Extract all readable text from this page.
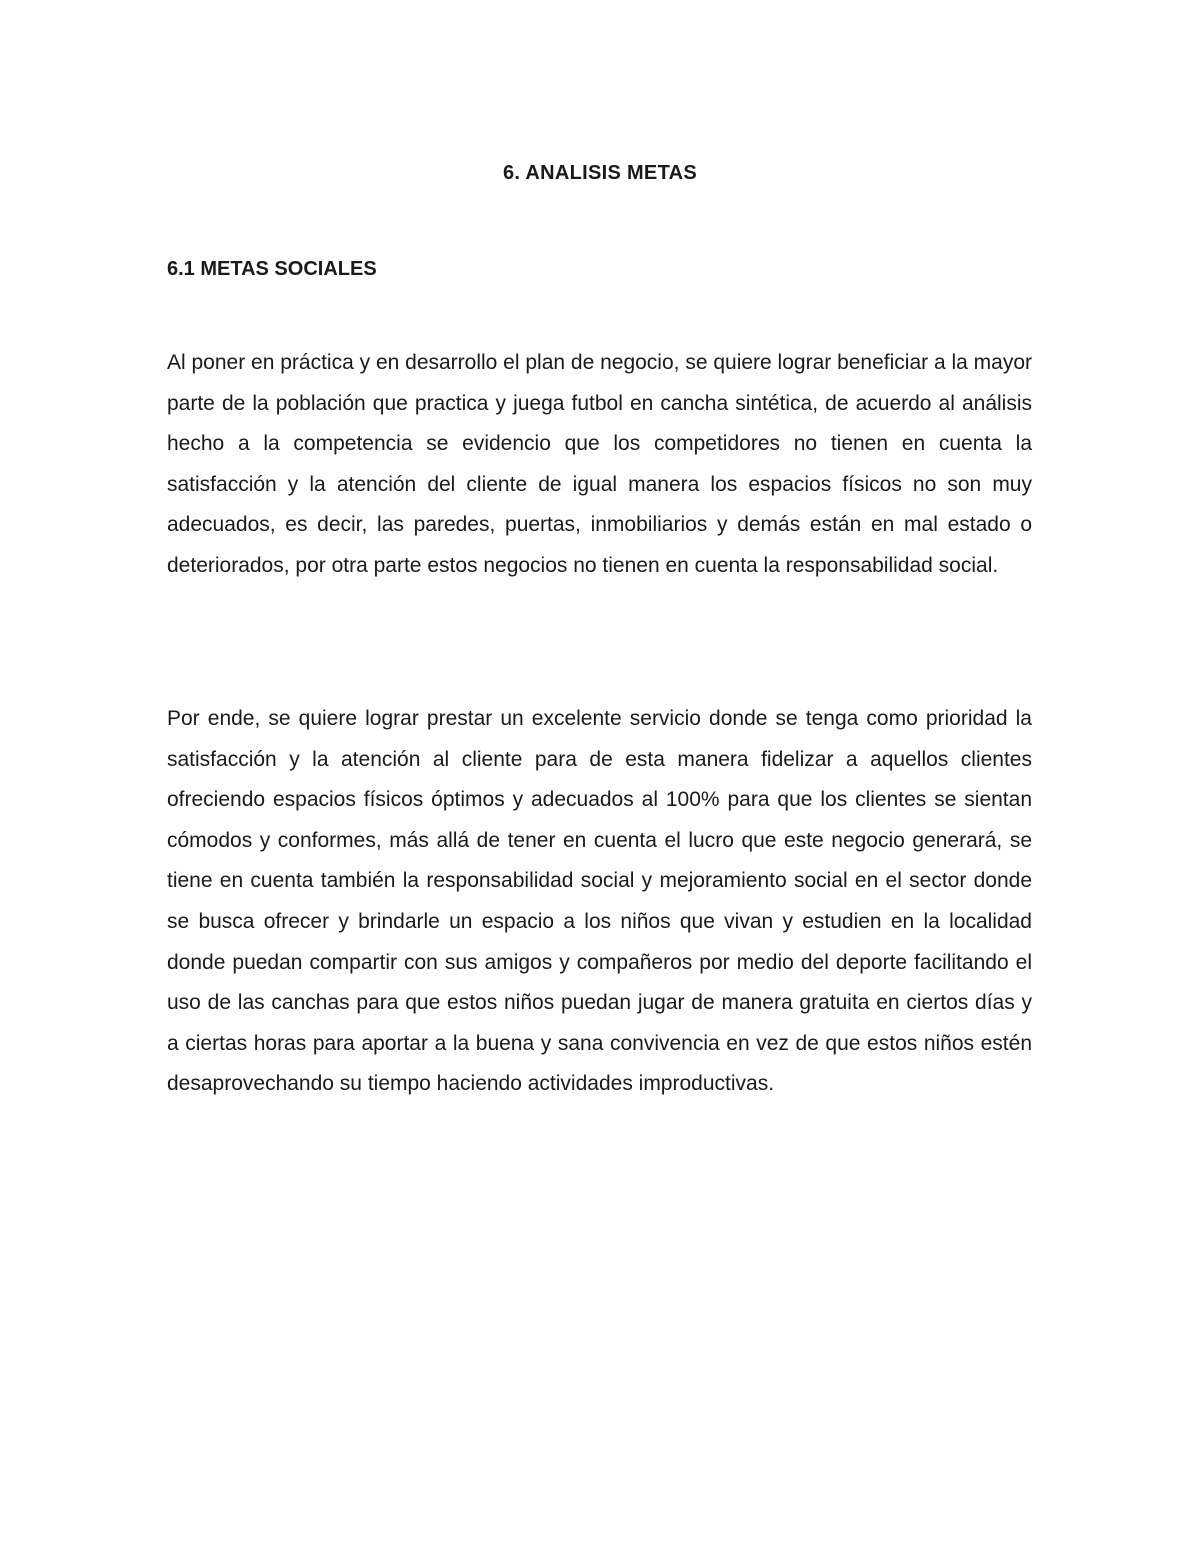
6. ANALISIS METAS
6.1 METAS SOCIALES

Al poner en práctica y en desarrollo el plan de negocio, se quiere lograr beneficiar a la mayor parte de la población que practica y juega futbol en cancha sintética, de acuerdo al análisis hecho a la competencia se evidencio que los competidores no tienen en cuenta la satisfacción y la atención del cliente de igual manera los espacios físicos no son muy adecuados, es decir, las paredes, puertas, inmobiliarios y demás están en mal estado o deteriorados, por otra parte estos negocios no tienen en cuenta la responsabilidad social.

Por ende, se quiere lograr prestar un excelente servicio donde se tenga como prioridad la satisfacción y la atención al cliente para de esta manera fidelizar a aquellos clientes ofreciendo espacios físicos óptimos y adecuados al 100% para que los clientes se sientan cómodos y conformes, más allá de tener en cuenta el lucro que este negocio generará, se tiene en cuenta también la responsabilidad social y mejoramiento social en el sector donde se busca ofrecer y brindarle un espacio a los niños que vivan y estudien en la localidad donde puedan compartir con sus amigos y compañeros por medio del deporte facilitando el uso de las canchas para que estos niños puedan jugar de manera gratuita en ciertos días y a ciertas horas para aportar a la buena y sana convivencia en vez de que estos niños estén desaprovechando su tiempo haciendo actividades improductivas.
